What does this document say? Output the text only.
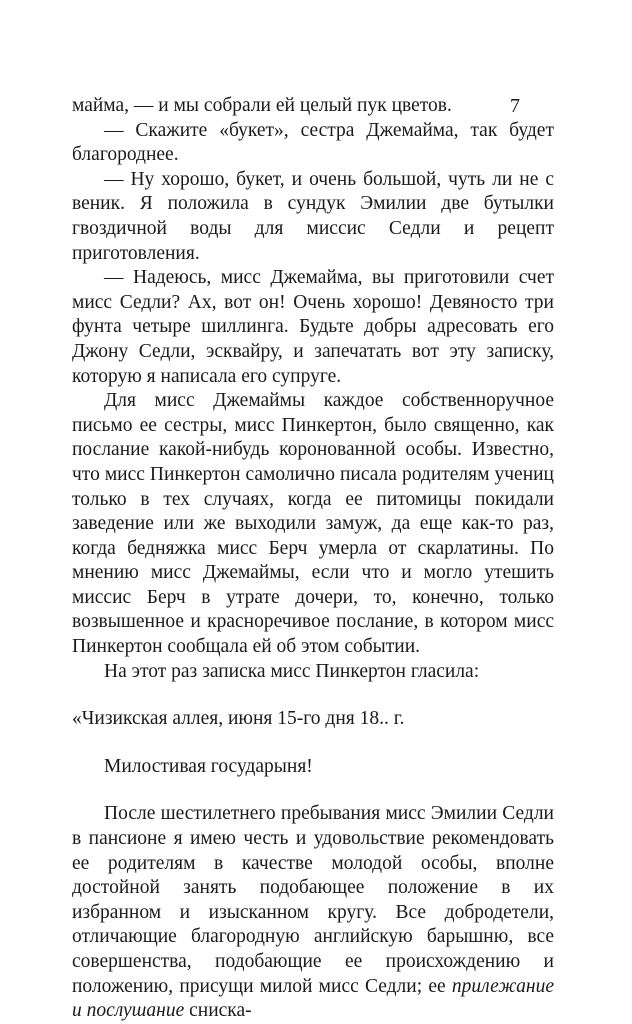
7

майма, — и мы собрали ей целый пук цветов.

— Скажите «букет», сестра Джемайма, так будет благороднее.

— Ну хорошо, букет, и очень большой, чуть ли не с веник. Я положила в сундук Эмилии две бутылки гвоздичной воды для миссис Седли и рецепт приготовления.

— Надеюсь, мисс Джемайма, вы приготовили счет мисс Седли? Ах, вот он! Очень хорошо! Девяносто три фунта четыре шиллинга. Будьте добры адресовать его Джону Седли, эсквайру, и запечатать вот эту записку, которую я написала его супруге.

Для мисс Джемаймы каждое собственноручное письмо ее сестры, мисс Пинкертон, было священно, как послание какой-нибудь коронованной особы. Известно, что мисс Пинкертон самолично писала родителям учениц только в тех случаях, когда ее питомицы покидали заведение или же выходили замуж, да еще как-то раз, когда бедняжка мисс Берч умерла от скарлатины. По мнению мисс Джемаймы, если что и могло утешить миссис Берч в утрате дочери, то, конечно, только возвышенное и красноречивое послание, в котором мисс Пинкертон сообщала ей об этом событии.

На этот раз записка мисс Пинкертон гласила:

«Чизикская аллея, июня 15-го дня 18.. г.

Милостивая государыня!

После шестилетнего пребывания мисс Эмилии Седли в пансионе я имею честь и удовольствие рекомендовать ее родителям в качестве молодой особы, вполне достойной занять подобающее положение в их избранном и изысканном кругу. Все добродетели, отличающие благородную английскую барышню, все совершенства, подобающие ее происхождению и положению, присущи милой мисс Седли; ее прилежание и послушание сниска-
